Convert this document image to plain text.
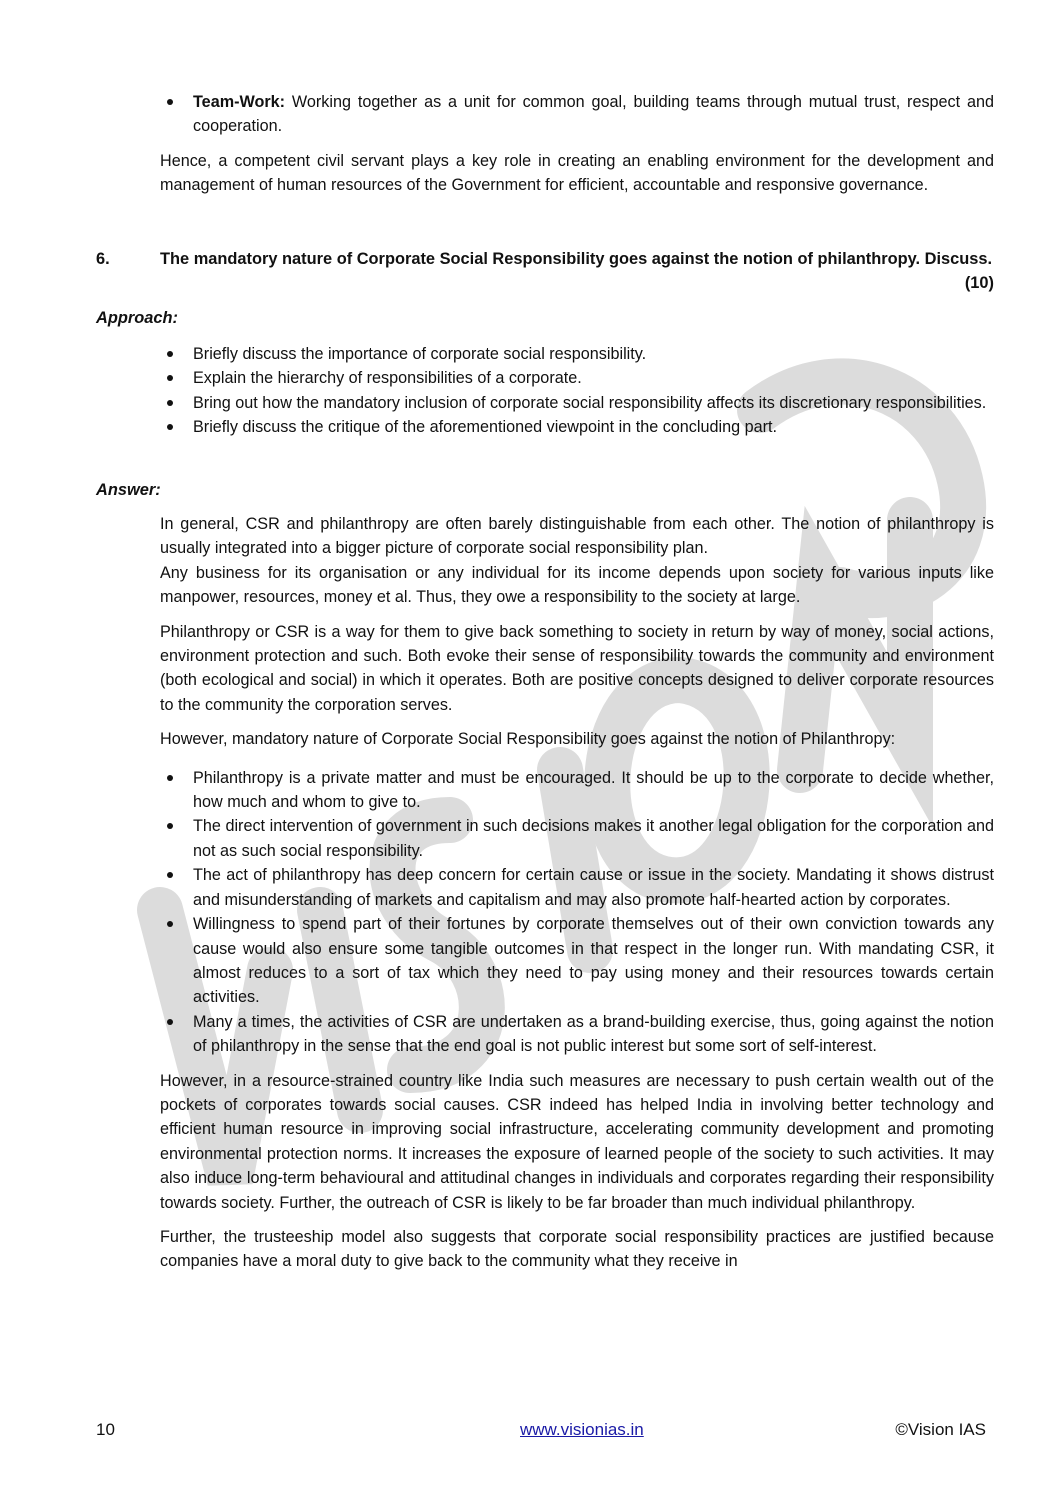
Team-Work: Working together as a unit for common goal, building teams through mutual trust, respect and cooperation.

Hence, a competent civil servant plays a key role in creating an enabling environment for the development and management of human resources of the Government for efficient, accountable and responsive governance.

6.	The mandatory nature of Corporate Social Responsibility goes against the notion of philanthropy. Discuss.
(10)
Approach:
Briefly discuss the importance of corporate social responsibility.
Explain the hierarchy of responsibilities of a corporate.
Bring out how the mandatory inclusion of corporate social responsibility affects its discretionary responsibilities.
Briefly discuss the critique of the aforementioned viewpoint in the concluding part.
Answer:
In general, CSR and philanthropy are often barely distinguishable from each other. The notion of philanthropy is usually integrated into a bigger picture of corporate social responsibility plan.

Any business for its organisation or any individual for its income depends upon society for various inputs like manpower, resources, money et al. Thus, they owe a responsibility to the society at large.

Philanthropy or CSR is a way for them to give back something to society in return by way of money, social actions, environment protection and such. Both evoke their sense of responsibility towards the community and environment (both ecological and social) in which it operates. Both are positive concepts designed to deliver corporate resources to the community the corporation serves.

However, mandatory nature of Corporate Social Responsibility goes against the notion of Philanthropy:

Philanthropy is a private matter and must be encouraged. It should be up to the corporate to decide whether, how much and whom to give to.
The direct intervention of government in such decisions makes it another legal obligation for the corporation and not as such social responsibility.
The act of philanthropy has deep concern for certain cause or issue in the society. Mandating it shows distrust and misunderstanding of markets and capitalism and may also promote half-hearted action by corporates.
Willingness to spend part of their fortunes by corporate themselves out of their own conviction towards any cause would also ensure some tangible outcomes in that respect in the longer run. With mandating CSR, it almost reduces to a sort of tax which they need to pay using money and their resources towards certain activities.
Many a times, the activities of CSR are undertaken as a brand-building exercise, thus, going against the notion of philanthropy in the sense that the end goal is not public interest but some sort of self-interest.

However, in a resource-strained country like India such measures are necessary to push certain wealth out of the pockets of corporates towards social causes. CSR indeed has helped India in involving better technology and efficient human resource in improving social infrastructure, accelerating community development and promoting environmental protection norms. It increases the exposure of learned people of the society to such activities. It may also induce long-term behavioural and attitudinal changes in individuals and corporates regarding their responsibility towards society. Further, the outreach of CSR is likely to be far broader than much individual philanthropy.

Further, the trusteeship model also suggests that corporate social responsibility practices are justified because companies have a moral duty to give back to the community what they receive in

10	www.visionias.in	©Vision IAS
